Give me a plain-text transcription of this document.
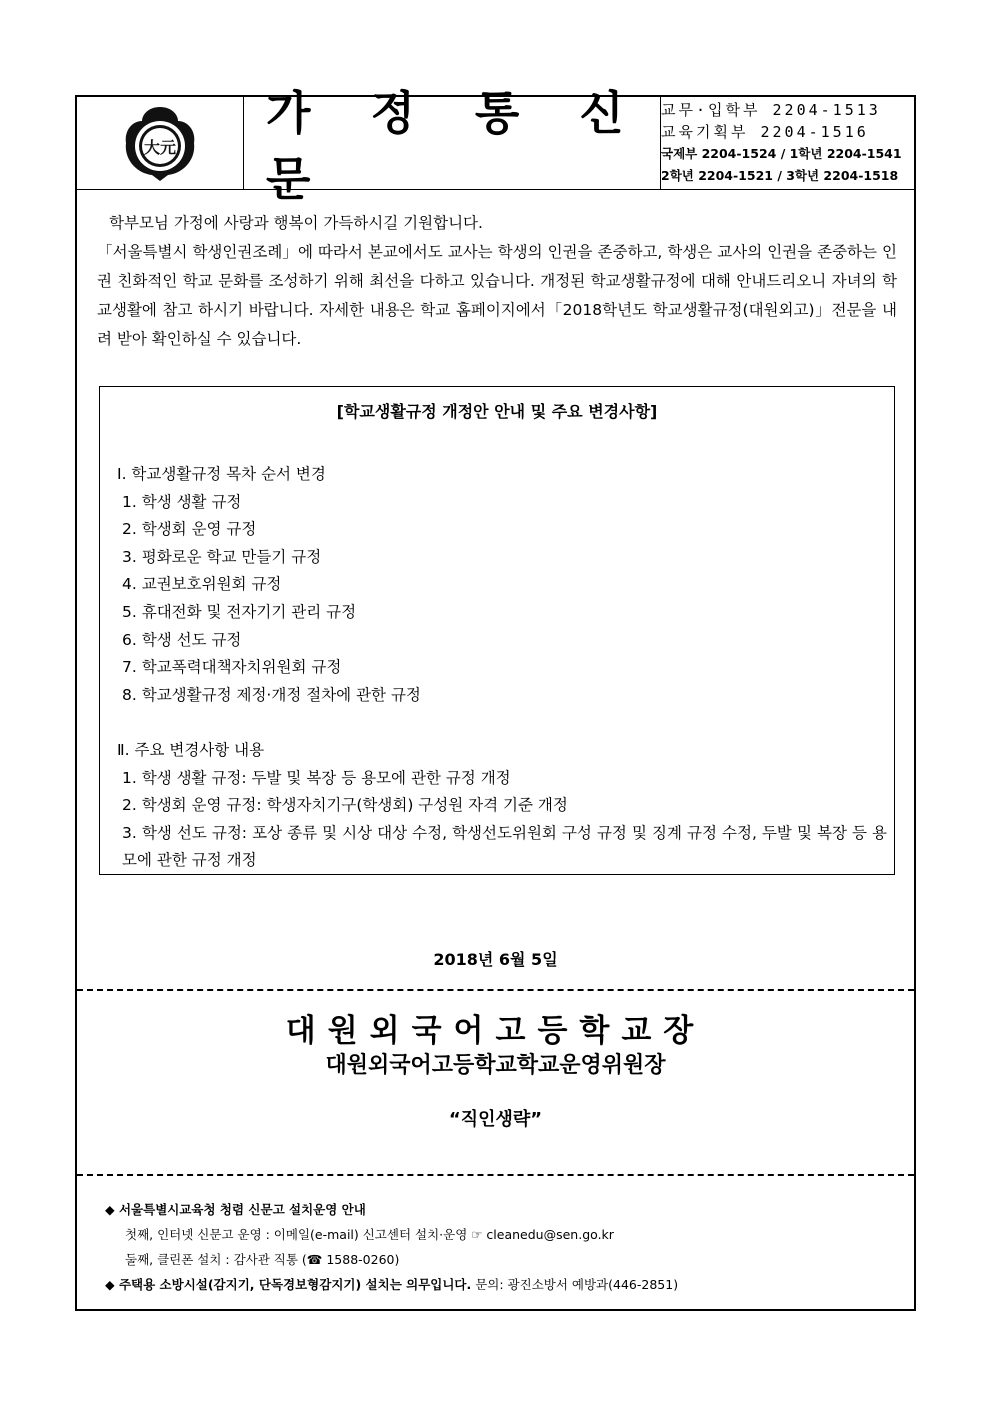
大元
가 정 통 신 문
교무·입학부 2204-1513
교육기획부 2204-1516
국제부 2204-1524 / 1학년 2204-1541
2학년 2204-1521 / 3학년 2204-1518

학부모님 가정에 사랑과 행복이 가득하시길 기원합니다.

「서울특별시 학생인권조례」에 따라서 본교에서도 교사는 학생의 인권을 존중하고, 학생은 교사의 인권을 존중하는 인권 친화적인 학교 문화를 조성하기 위해 최선을 다하고 있습니다. 개정된 학교생활규정에 대해 안내드리오니 자녀의 학교생활에 참고 하시기 바랍니다. 자세한 내용은 학교 홈페이지에서「2018학년도 학교생활규정(대원외고)」전문을 내려 받아 확인하실 수 있습니다.

[학교생활규정 개정안 안내 및 주요 변경사항]
Ⅰ. 학교생활규정 목차 순서 변경
1. 학생 생활 규정
2. 학생회 운영 규정
3. 평화로운 학교 만들기 규정
4. 교권보호위원회 규정
5. 휴대전화 및 전자기기 관리 규정
6. 학생 선도 규정
7. 학교폭력대책자치위원회 규정
8. 학교생활규정 제정·개정 절차에 관한 규정
Ⅱ. 주요 변경사항 내용
1. 학생 생활 규정: 두발 및 복장 등 용모에 관한 규정 개정
2. 학생회 운영 규정: 학생자치기구(학생회) 구성원 자격 기준 개정
3. 학생 선도 규정: 포상 종류 및 시상 대상 수정, 학생선도위원회 구성 규정 및 징계 규정 수정, 두발 및 복장 등 용모에 관한 규정 개정
2018년 6월 5일
대원외국어고등학교장
대원외국어고등학교학교운영위원장
“직인생략”
◆ 서울특별시교육청 청렴 신문고 설치운영 안내
첫째, 인터넷 신문고 운영 : 이메일(e-mail) 신고센터 설치·운영 ☞ cleanedu@sen.go.kr
둘째, 클린폰 설치 : 감사관 직통 (☎ 1588-0260)
◆ 주택용 소방시설(감지기, 단독경보형감지기) 설치는 의무입니다. 문의: 광진소방서 예방과(446-2851)
